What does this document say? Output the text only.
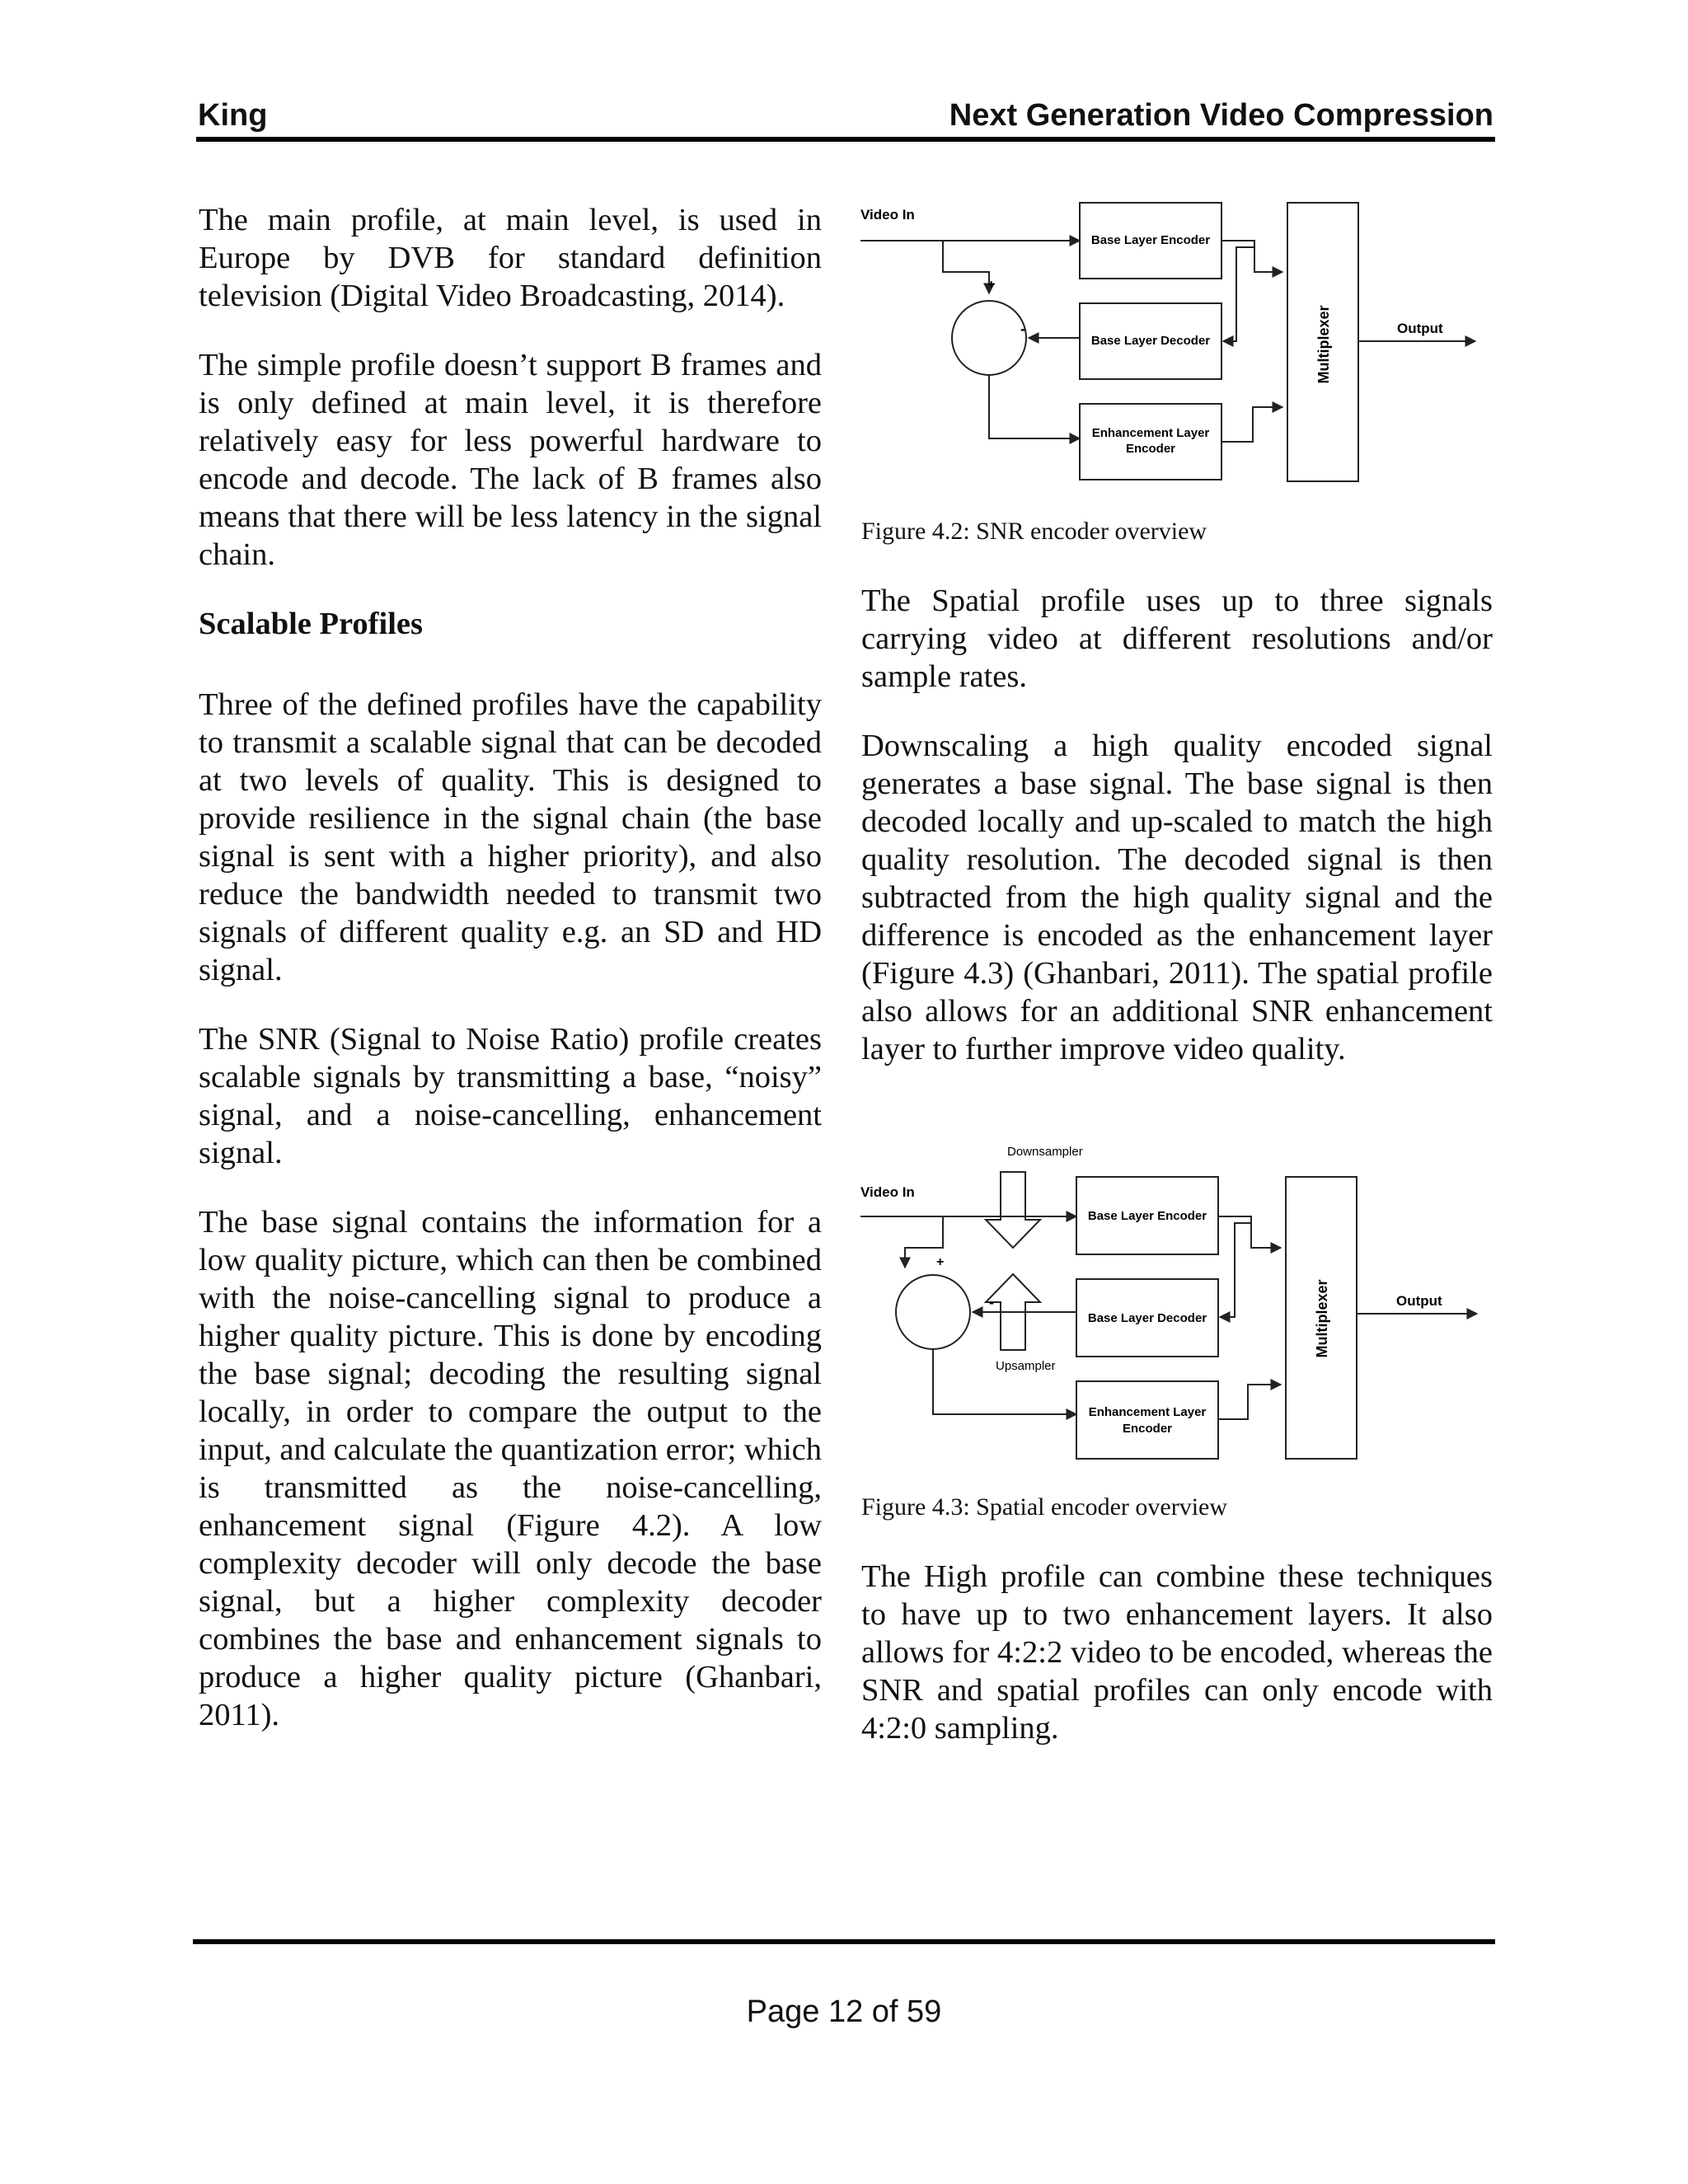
King	Next Generation Video Compression

The main profile, at main level, is used in Europe by DVB for standard definition television (Digital Video Broadcasting, 2014).

The simple profile doesn’t support B frames and is only defined at main level, it is therefore relatively easy for less powerful hardware to encode and decode. The lack of B frames also means that there will be less latency in the signal chain.

Scalable Profiles

Three of the defined profiles have the capability to transmit a scalable signal that can be decoded at two levels of quality. This is designed to provide resilience in the signal chain (the base signal is sent with a higher priority), and also reduce the bandwidth needed to transmit two signals of different quality e.g. an SD and HD signal.

The SNR (Signal to Noise Ratio) profile creates scalable signals by transmitting a base, “noisy” signal, and a noise-cancelling, enhancement signal.

The base signal contains the information for a low quality picture, which can then be combined with the noise-cancelling signal to produce a higher quality picture. This is done by encoding the base signal; decoding the resulting signal locally, in order to compare the output to the input, and calculate the quantization error; which is transmitted as the noise-cancelling, enhancement signal (Figure 4.2). A low complexity decoder will only decode the base signal, but a higher complexity decoder combines the base and enhancement signals to produce a higher quality picture (Ghanbari, 2011).

Video In
+
-
Base Layer Encoder
Base Layer Decoder
Enhancement Layer
Encoder
Multiplexer	Output
Figure 4.2: SNR encoder overview

The Spatial profile uses up to three signals carrying video at different resolutions and/or sample rates.

Downscaling a high quality encoded signal generates a base signal. The base signal is then decoded locally and up-scaled to match the high quality resolution. The decoded signal is then subtracted from the high quality signal and the difference is encoded as the enhancement layer (Figure 4.3) (Ghanbari, 2011). The spatial profile also allows for an additional SNR enhancement layer to further improve video quality.

Downsampler
Video In
+
-
Upsampler
Base Layer Encoder
Base Layer Decoder
Enhancement Layer
Encoder
Multiplexer	Output
Figure 4.3: Spatial encoder overview

The High profile can combine these techniques to have up to two enhancement layers. It also allows for 4:2:2 video to be encoded, whereas the SNR and spatial profiles can only encode with 4:2:0 sampling.

Page 12 of 59
